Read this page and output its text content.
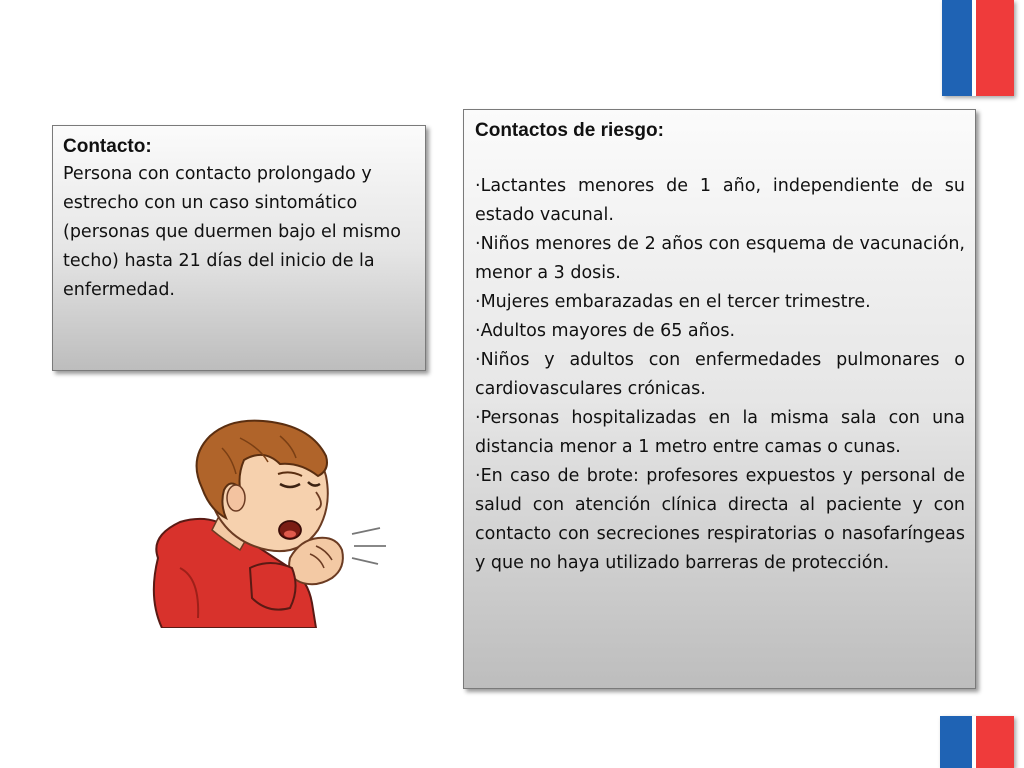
Contacto:

Persona con contacto prolongado y estrecho con un caso sintomático (personas que duermen bajo el mismo techo) hasta 21 días del inicio de la enfermedad.

Contactos de riesgo:

·Lactantes menores de 1 año, independiente de su estado vacunal.
·Niños menores de 2 años con esquema de vacunación, menor a 3 dosis.
·Mujeres embarazadas en el tercer trimestre.
·Adultos mayores de 65 años.
·Niños y adultos con enfermedades pulmonares o cardiovasculares crónicas.
·Personas hospitalizadas en la misma sala con una distancia menor a 1 metro entre camas o cunas.
·En caso de brote: profesores expuestos y personal de salud con atención clínica directa al paciente y con contacto con secreciones respiratorias o nasofaríngeas y que no haya utilizado barreras de protección.
